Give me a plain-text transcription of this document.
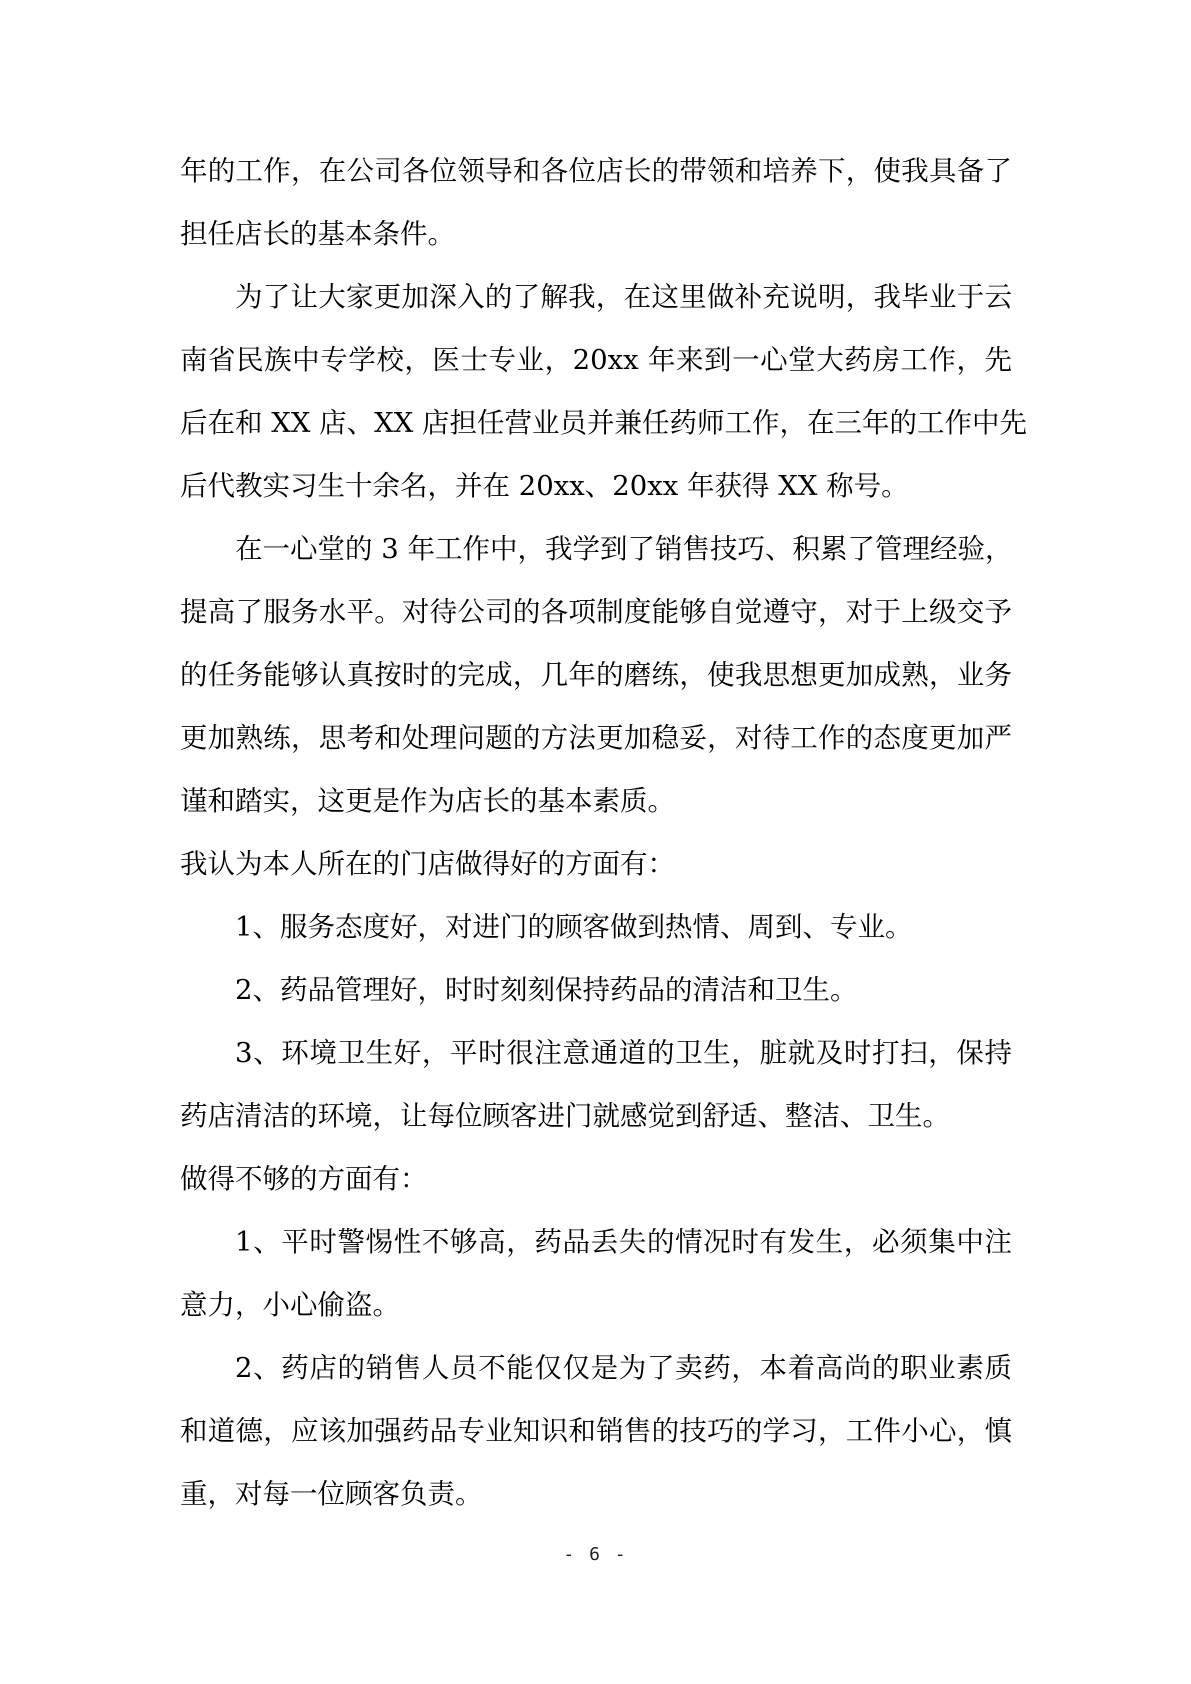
年的工作，在公司各位领导和各位店长的带领和培养下，使我具备了
担任店长的基本条件。
为了让大家更加深入的了解我，在这里做补充说明，我毕业于云
南省民族中专学校，医士专业，20xx 年来到一心堂大药房工作，先
后在和 XX 店、XX 店担任营业员并兼任药师工作，在三年的工作中先
后代教实习生十余名，并在 20xx、20xx 年获得 XX 称号。
在一心堂的 3 年工作中，我学到了销售技巧、积累了管理经验，
提高了服务水平。对待公司的各项制度能够自觉遵守，对于上级交予
的任务能够认真按时的完成，几年的磨练，使我思想更加成熟，业务
更加熟练，思考和处理问题的方法更加稳妥，对待工作的态度更加严
谨和踏实，这更是作为店长的基本素质。
我认为本人所在的门店做得好的方面有：
1、服务态度好，对进门的顾客做到热情、周到、专业。
2、药品管理好，时时刻刻保持药品的清洁和卫生。
3、环境卫生好，平时很注意通道的卫生，脏就及时打扫，保持
药店清洁的环境，让每位顾客进门就感觉到舒适、整洁、卫生。
做得不够的方面有：
1、平时警惕性不够高，药品丢失的情况时有发生，必须集中注
意力，小心偷盗。
2、药店的销售人员不能仅仅是为了卖药，本着高尚的职业素质
和道德，应该加强药品专业知识和销售的技巧的学习，工件小心，慎
重，对每一位顾客负责。
- 6 -
